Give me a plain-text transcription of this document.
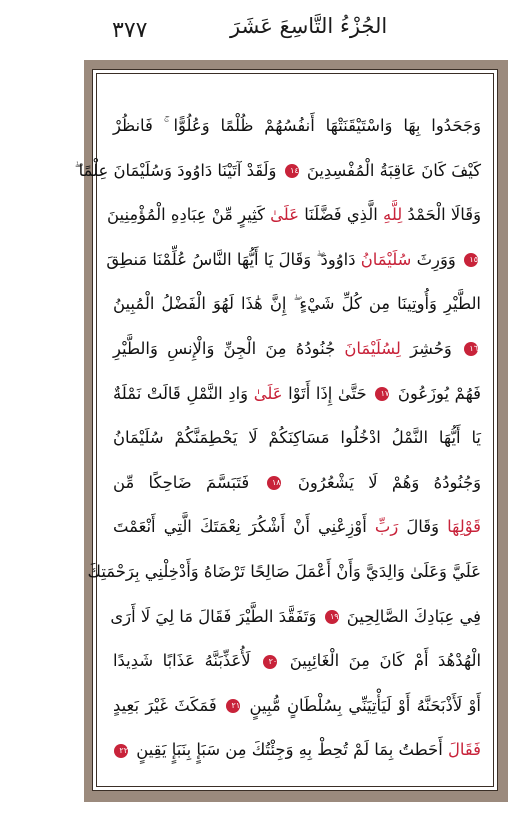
٣٧٧	الجُزْءُ التَّاسِعَ عَشَرَ
وَجَحَدُوا بِهَا وَاسْتَيْقَنَتْهَا أَنفُسُهُمْ ظُلْمًا وَعُلُوًّا ۚ فَانظُرْ
كَيْفَ كَانَ عَاقِبَةُ الْمُفْسِدِينَ ١٤ وَلَقَدْ آتَيْنَا دَاوُودَ وَسُلَيْمَانَ عِلْمًا ۖ
وَقَالَا الْحَمْدُ لِلَّهِ الَّذِي فَضَّلَنَا عَلَىٰ كَثِيرٍ مِّنْ عِبَادِهِ الْمُؤْمِنِينَ
١٥ وَوَرِثَ سُلَيْمَانُ دَاوُودَ ۖ وَقَالَ يَا أَيُّهَا النَّاسُ عُلِّمْنَا مَنطِقَ
الطَّيْرِ وَأُوتِينَا مِن كُلِّ شَيْءٍ ۖ إِنَّ هَٰذَا لَهُوَ الْفَضْلُ الْمُبِينُ
١٦ وَحُشِرَ لِسُلَيْمَانَ جُنُودُهُ مِنَ الْجِنِّ وَالْإِنسِ وَالطَّيْرِ
فَهُمْ يُوزَعُونَ ١٧ حَتَّىٰ إِذَا أَتَوْا عَلَىٰ وَادِ النَّمْلِ قَالَتْ نَمْلَةٌ
يَا أَيُّهَا النَّمْلُ ادْخُلُوا مَسَاكِنَكُمْ لَا يَحْطِمَنَّكُمْ سُلَيْمَانُ
وَجُنُودُهُ وَهُمْ لَا يَشْعُرُونَ ١٨ فَتَبَسَّمَ ضَاحِكًا مِّن
قَوْلِهَا وَقَالَ رَبِّ أَوْزِعْنِي أَنْ أَشْكُرَ نِعْمَتَكَ الَّتِي أَنْعَمْتَ
عَلَيَّ وَعَلَىٰ وَالِدَيَّ وَأَنْ أَعْمَلَ صَالِحًا تَرْضَاهُ وَأَدْخِلْنِي بِرَحْمَتِكَ
فِي عِبَادِكَ الصَّالِحِينَ ١٩ وَتَفَقَّدَ الطَّيْرَ فَقَالَ مَا لِيَ لَا أَرَى
الْهُدْهُدَ أَمْ كَانَ مِنَ الْغَائِبِينَ ٢٠ لَأُعَذِّبَنَّهُ عَذَابًا شَدِيدًا
أَوْ لَأَذْبَحَنَّهُ أَوْ لَيَأْتِيَنِّي بِسُلْطَانٍ مُّبِينٍ ٢١ فَمَكَثَ غَيْرَ بَعِيدٍ
فَقَالَ أَحَطتُ بِمَا لَمْ تُحِطْ بِهِ وَجِئْتُكَ مِن سَبَإٍ بِنَبَإٍ يَقِينٍ ٢٢
